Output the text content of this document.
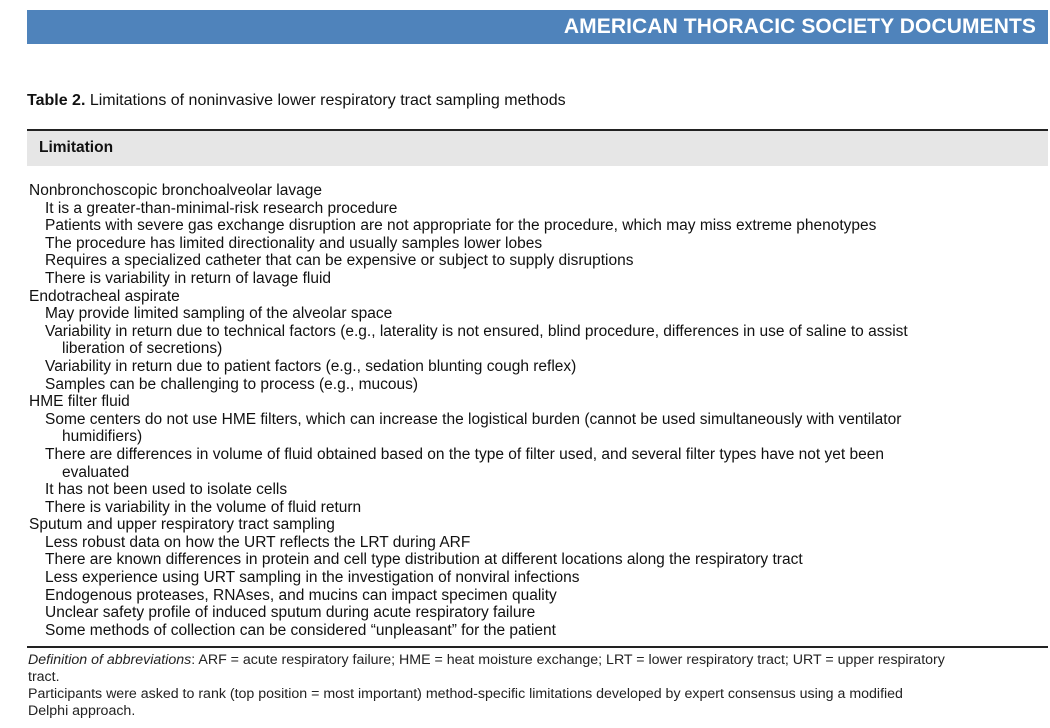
AMERICAN THORACIC SOCIETY DOCUMENTS
Table 2. Limitations of noninvasive lower respiratory tract sampling methods
Limitation
Nonbronchoscopic bronchoalveolar lavage
It is a greater-than-minimal-risk research procedure
Patients with severe gas exchange disruption are not appropriate for the procedure, which may miss extreme phenotypes
The procedure has limited directionality and usually samples lower lobes
Requires a specialized catheter that can be expensive or subject to supply disruptions
There is variability in return of lavage fluid
Endotracheal aspirate
May provide limited sampling of the alveolar space
Variability in return due to technical factors (e.g., laterality is not ensured, blind procedure, differences in use of saline to assist
liberation of secretions)
Variability in return due to patient factors (e.g., sedation blunting cough reflex)
Samples can be challenging to process (e.g., mucous)
HME filter fluid
Some centers do not use HME filters, which can increase the logistical burden (cannot be used simultaneously with ventilator
humidifiers)
There are differences in volume of fluid obtained based on the type of filter used, and several filter types have not yet been
evaluated
It has not been used to isolate cells
There is variability in the volume of fluid return
Sputum and upper respiratory tract sampling
Less robust data on how the URT reflects the LRT during ARF
There are known differences in protein and cell type distribution at different locations along the respiratory tract
Less experience using URT sampling in the investigation of nonviral infections
Endogenous proteases, RNAses, and mucins can impact specimen quality
Unclear safety profile of induced sputum during acute respiratory failure
Some methods of collection can be considered “unpleasant” for the patient

Definition of abbreviations: ARF = acute respiratory failure; HME = heat moisture exchange; LRT = lower respiratory tract; URT = upper respiratory
tract.

Participants were asked to rank (top position = most important) method-specific limitations developed by expert consensus using a modified
Delphi approach.
